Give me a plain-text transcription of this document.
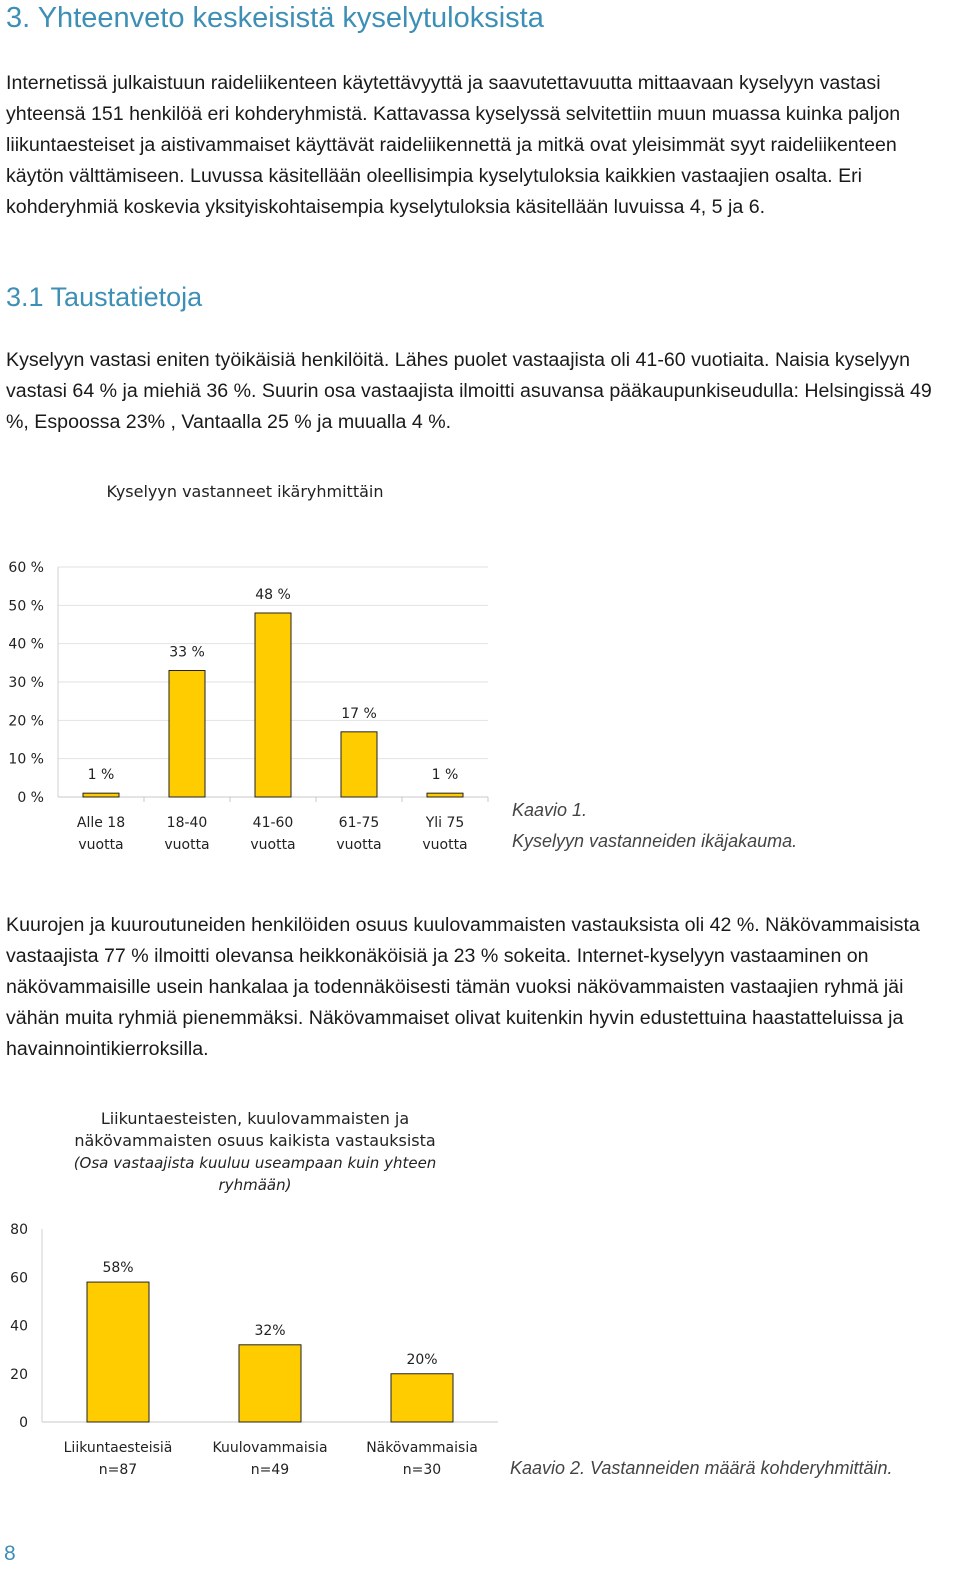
3. Yhteenveto keskeisistä kyselytuloksista

Internetissä julkaistuun raideliikenteen käytettävyyttä ja saavutettavuutta mittaavaan kyselyyn vastasi yhteensä 151 henkilöä eri kohderyhmistä. Kattavassa kyselyssä selvitettiin muun muassa kuinka paljon liikuntaesteiset ja aistivammaiset käyttävät raideliikennettä ja mitkä ovat yleisimmät syyt raideliikenteen käytön välttämiseen. Luvussa käsitellään oleellisimpia kyselytuloksia kaikkien vastaajien osalta. Eri kohderyhmiä koskevia yksityiskohtaisempia kyselytuloksia käsitellään luvuissa 4, 5 ja 6.

3.1 Taustatietoja

Kyselyyn vastasi eniten työikäisiä henkilöitä. Lähes puolet vastaajista oli 41-60 vuotiaita. Naisia kyselyyn vastasi 64 % ja miehiä 36 %. Suurin osa vastaajista ilmoitti asuvansa pääkaupunkiseudulla: Helsingissä 49 %, Espoossa 23% , Vantaalla 25 % ja muualla 4 %.

Kyselyyn vastanneet ikäryhmittäin
0 %
10 %
20 %
30 %
40 %
50 %
60 %
1 %
Alle 18
vuotta
33 %
18-40
vuotta
48 %
41-60
vuotta
17 %
61-75
vuotta
1 %
Yli 75
vuotta
Kaavio 1.
Kyselyyn vastanneiden ikäjakauma.

Kuurojen ja kuuroutuneiden henkilöiden osuus kuulovammaisten vastauksista oli 42 %. Näkövammaisista vastaajista 77 % ilmoitti olevansa heikkonäköisiä ja 23 % sokeita. Internet-kyselyyn vastaaminen on näkövammaisille usein hankalaa ja todennäköisesti tämän vuoksi näkövammaisten vastaajien ryhmä jäi vähän muita ryhmiä pienemmäksi. Näkövammaiset olivat kuitenkin hyvin edustettuina haastatteluissa ja havainnointikierroksilla.

Liikuntaesteisten, kuulovammaisten ja näkövammaisten osuus kaikista vastauksista
(Osa vastaajista kuuluu useampaan kuin yhteen ryhmään)
0
20
40
60
80
58%
Liikuntaesteisiä
n=87
32%
Kuulovammaisia
n=49
20%
Näkövammaisia
n=30	Kaavio 2. Vastanneiden määrä kohderyhmittäin.
8
